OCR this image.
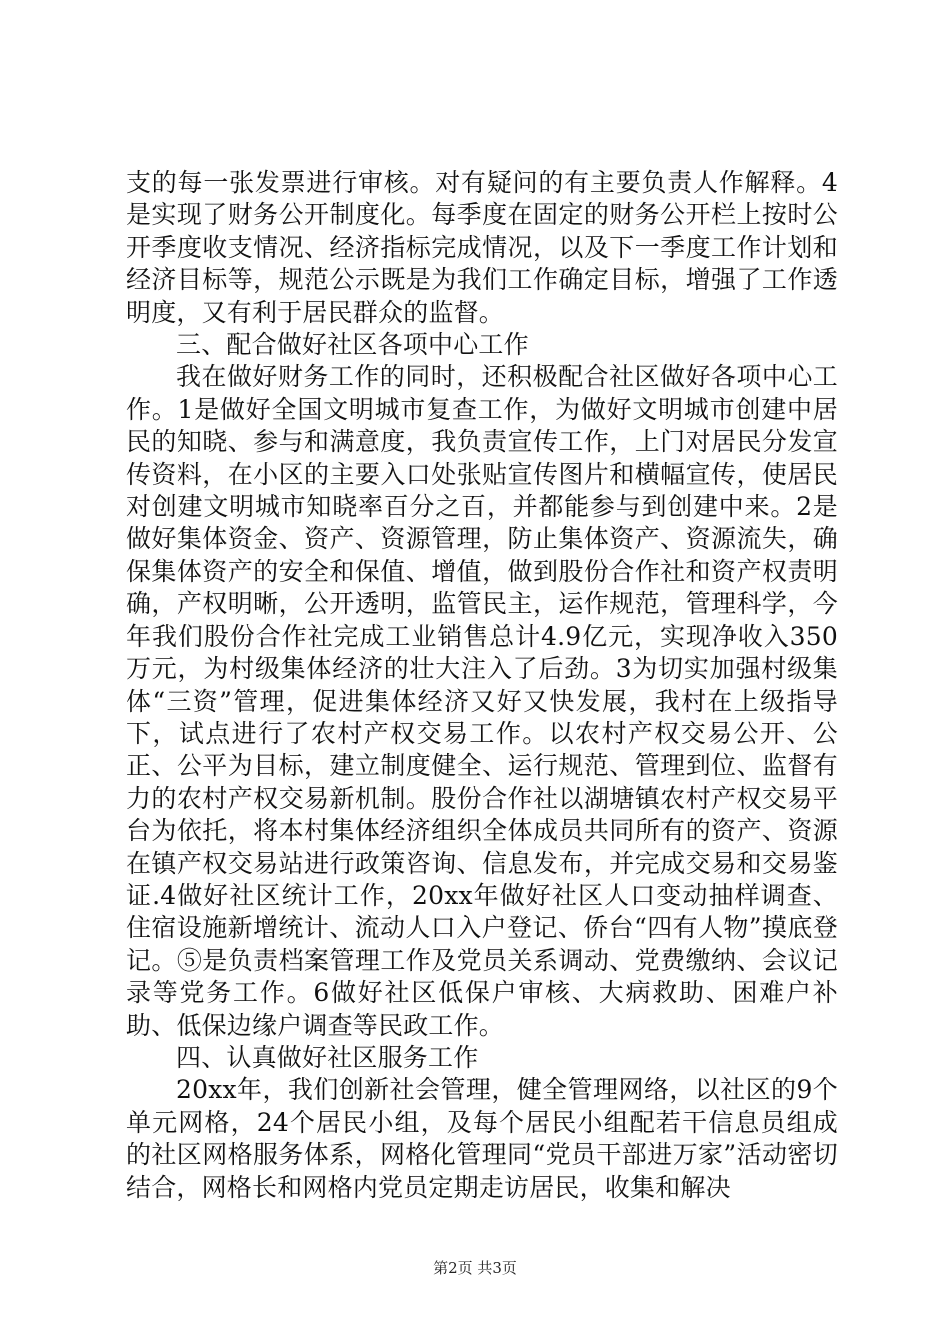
支的每一张发票进行审核。对有疑问的有主要负责人作解释。4是实现了财务公开制度化。每季度在固定的财务公开栏上按时公开季度收支情况、经济指标完成情况，以及下一季度工作计划和经济目标等，规范公示既是为我们工作确定目标，增强了工作透明度，又有利于居民群众的监督。

三、配合做好社区各项中心工作

我在做好财务工作的同时，还积极配合社区做好各项中心工作。1是做好全国文明城市复查工作，为做好文明城市创建中居民的知晓、参与和满意度，我负责宣传工作，上门对居民分发宣传资料，在小区的主要入口处张贴宣传图片和横幅宣传，使居民对创建文明城市知晓率百分之百，并都能参与到创建中来。2是做好集体资金、资产、资源管理，防止集体资产、资源流失，确保集体资产的安全和保值、增值，做到股份合作社和资产权责明确，产权明晰，公开透明，监管民主，运作规范，管理科学，今年我们股份合作社完成工业销售总计4.9亿元，实现净收入350万元，为村级集体经济的壮大注入了后劲。3为切实加强村级集体“三资”管理，促进集体经济又好又快发展，我村在上级指导下，试点进行了农村产权交易工作。以农村产权交易公开、公正、公平为目标，建立制度健全、运行规范、管理到位、监督有力的农村产权交易新机制。股份合作社以湖塘镇农村产权交易平台为依托，将本村集体经济组织全体成员共同所有的资产、资源在镇产权交易站进行政策咨询、信息发布，并完成交易和交易鉴证.4做好社区统计工作，20xx年做好社区人口变动抽样调查、住宿设施新增统计、流动人口入户登记、侨台“四有人物”摸底登记。⑤是负责档案管理工作及党员关系调动、党费缴纳、会议记录等党务工作。6做好社区低保户审核、大病救助、困难户补助、低保边缘户调查等民政工作。

四、认真做好社区服务工作

20xx年，我们创新社会管理，健全管理网络，以社区的9个单元网格，24个居民小组，及每个居民小组配若干信息员组成的社区网格服务体系，网格化管理同“党员干部进万家”活动密切结合，网格长和网格内党员定期走访居民，收集和解决

第2页 共3页
